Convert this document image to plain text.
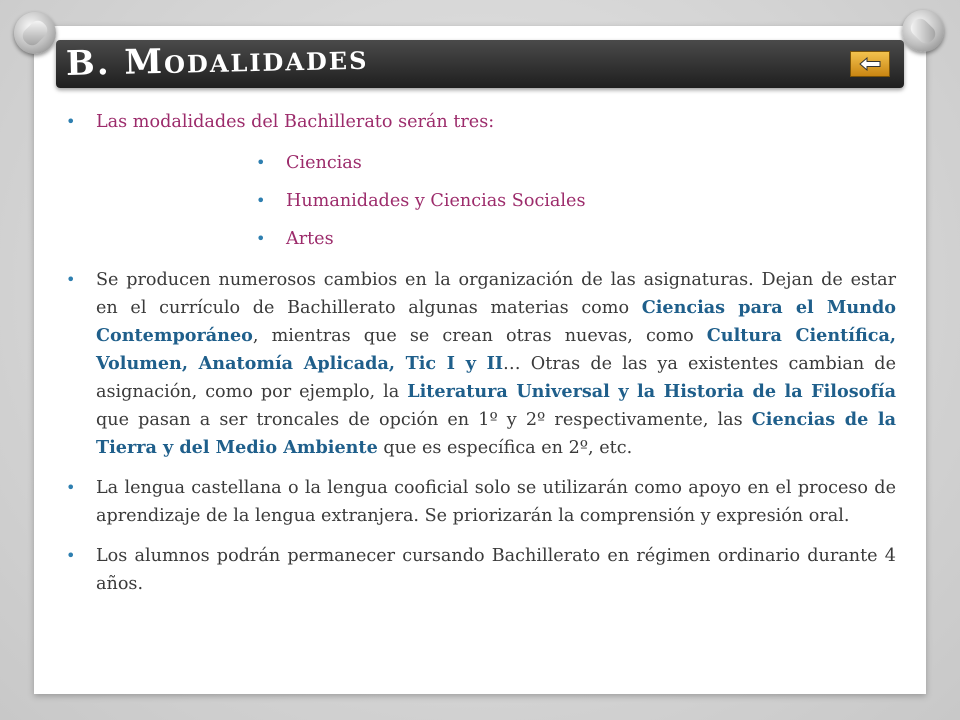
B. Modalidades
• Las modalidades del Bachillerato serán tres:
• Ciencias
• Humanidades y Ciencias Sociales
• Artes
• Se producen numerosos cambios en la organización de las asignaturas. Dejan de estar en el currículo de Bachillerato algunas materias como Ciencias para el Mundo Contemporáneo, mientras que se crean otras nuevas, como Cultura Científica, Volumen, Anatomía Aplicada, Tic I y II… Otras de las ya existentes cambian de asignación, como por ejemplo, la Literatura Universal y la Historia de la Filosofía que pasan a ser troncales de opción en 1º y 2º respectivamente, las Ciencias de la Tierra y del Medio Ambiente que es específica en 2º, etc.
• La lengua castellana o la lengua cooficial solo se utilizarán como apoyo en el proceso de aprendizaje de la lengua extranjera. Se priorizarán la comprensión y expresión oral.
• Los alumnos podrán permanecer cursando Bachillerato en régimen ordinario durante 4 años.
